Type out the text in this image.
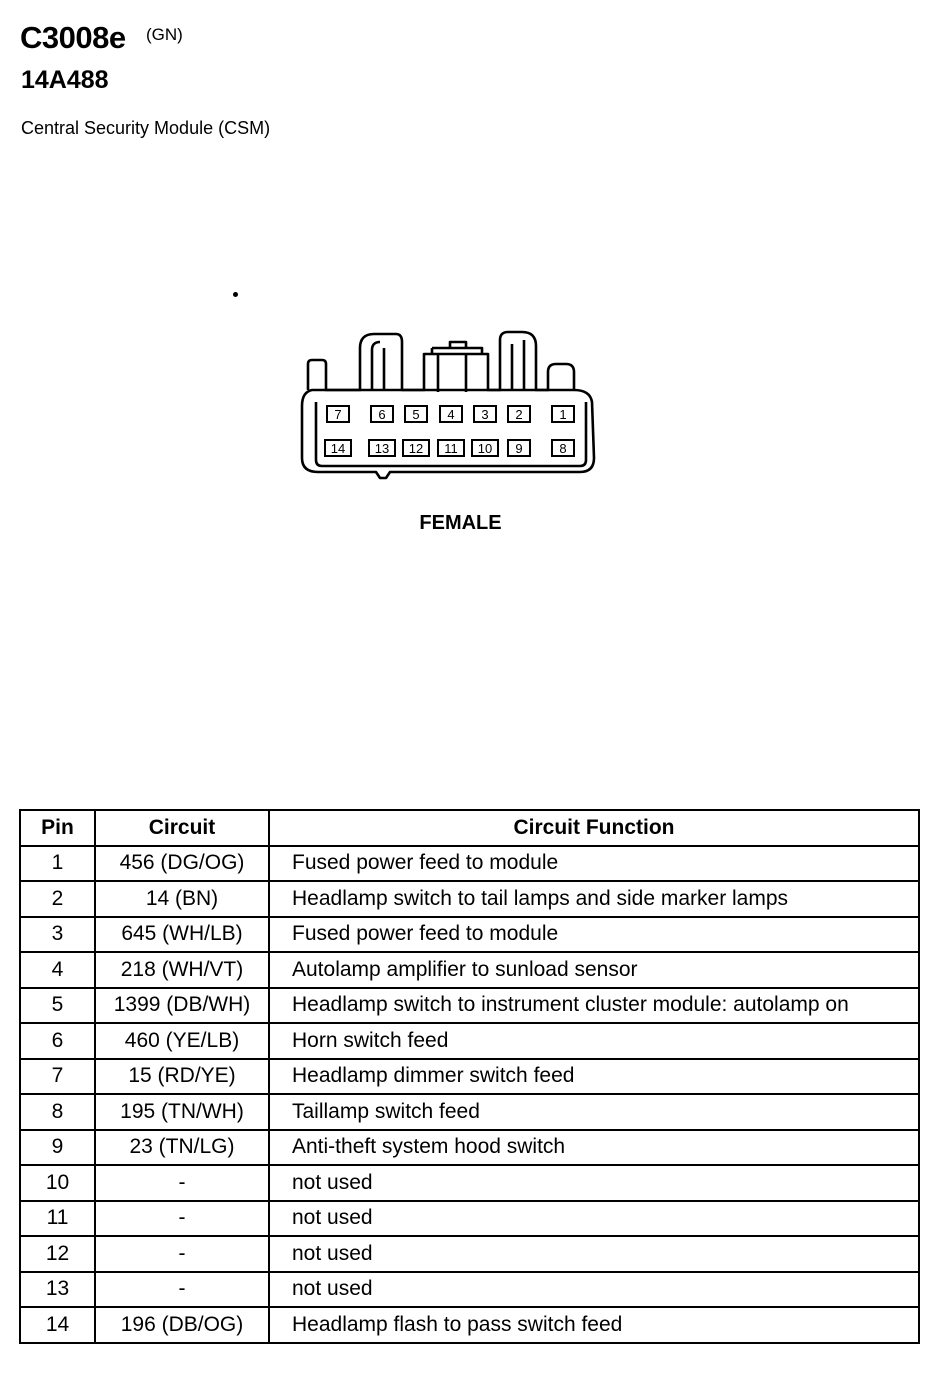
C3008e (GN)
14A488
Central Security Module (CSM)
7	6 5 4 3 2	1
14 13 12 11 10 9	8
FEMALE
Pin	Circuit	Circuit Function
1	456 (DG/OG)	Fused power feed to module
2	14 (BN)	Headlamp switch to tail lamps and side marker lamps
3	645 (WH/LB)	Fused power feed to module
4	218 (WH/VT)	Autolamp amplifier to sunload sensor
5	1399 (DB/WH)	Headlamp switch to instrument cluster module: autolamp on
6	460 (YE/LB)	Horn switch feed
7	15 (RD/YE)	Headlamp dimmer switch feed
8	195 (TN/WH)	Taillamp switch feed
9	23 (TN/LG)	Anti-theft system hood switch
10	-	not used
11	-	not used
12	-	not used
13	-	not used
14	196 (DB/OG)	Headlamp flash to pass switch feed
